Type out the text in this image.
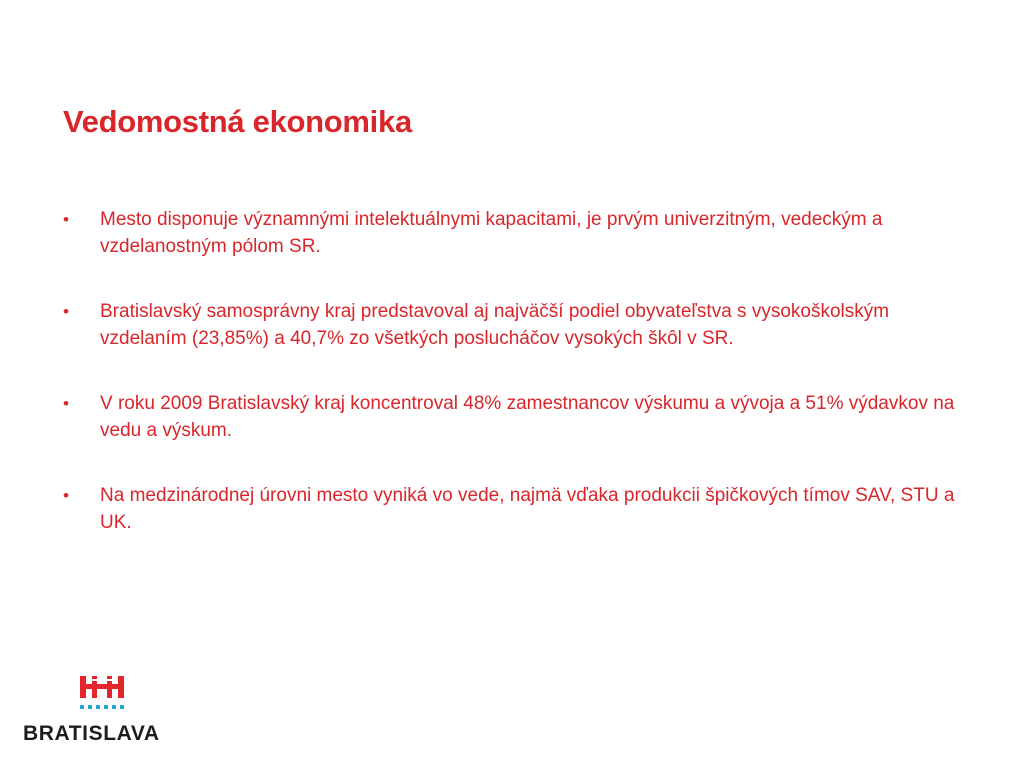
Vedomostná ekonomika
•	Mesto disponuje významnými intelektuálnymi kapacitami, je prvým univerzitným, vedeckým a vzdelanostným pólom SR.
•	Bratislavský samosprávny kraj predstavoval aj najväčší podiel obyvateľstva s vysokoškolským vzdelaním (23,85%) a 40,7% zo všetkých poslucháčov vysokých škôl v SR.
•	V roku 2009 Bratislavský kraj koncentroval 48% zamestnancov výskumu a vývoja a 51% výdavkov na vedu a výskum.
•	Na medzinárodnej úrovni mesto vyniká vo vede, najmä vďaka produkcii špičkových tímov SAV, STU a UK.
BRATISLAVA
